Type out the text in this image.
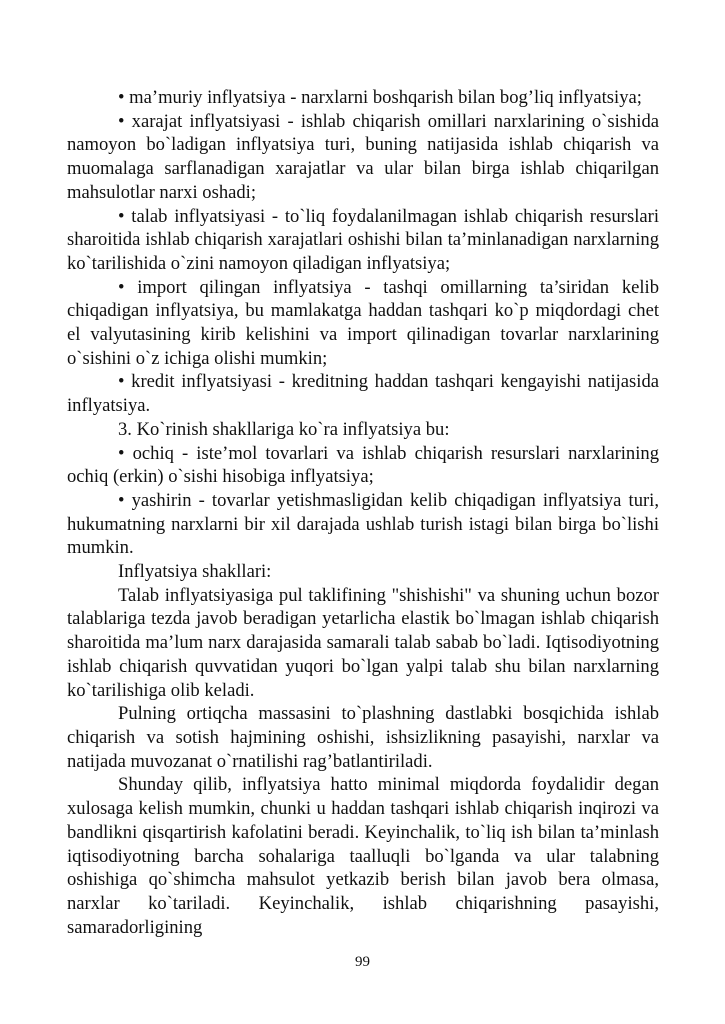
• ma’muriy inflyatsiya - narxlarni boshqarish bilan bog’liq inflyatsiya;

• xarajat inflyatsiyasi - ishlab chiqarish omillari narxlarining o`sishida namoyon bo`ladigan inflyatsiya turi, buning natijasida ishlab chiqarish va muomalaga sarflanadigan xarajatlar va ular bilan birga ishlab chiqarilgan mahsulotlar narxi oshadi;

• talab inflyatsiyasi - to`liq foydalanilmagan ishlab chiqarish resurslari sharoitida ishlab chiqarish xarajatlari oshishi bilan ta’minlanadigan narxlarning ko`tarilishida o`zini namoyon qiladigan inflyatsiya;

• import qilingan inflyatsiya - tashqi omillarning ta’siridan kelib chiqadigan inflyatsiya, bu mamlakatga haddan tashqari ko`p miqdordagi chet el valyutasining kirib kelishini va import qilinadigan tovarlar narxlarining o`sishini o`z ichiga olishi mumkin;

• kredit inflyatsiyasi - kreditning haddan tashqari kengayishi natijasida inflyatsiya.

3. Ko`rinish shakllariga ko`ra inflyatsiya bu:

• ochiq - iste’mol tovarlari va ishlab chiqarish resurslari narxlarining ochiq (erkin) o`sishi hisobiga inflyatsiya;

• yashirin - tovarlar yetishmasligidan kelib chiqadigan inflyatsiya turi, hukumatning narxlarni bir xil darajada ushlab turish istagi bilan birga bo`lishi mumkin.

Inflyatsiya shakllari:

Talab inflyatsiyasiga pul taklifining "shishishi" va shuning uchun bozor talablariga tezda javob beradigan yetarlicha elastik bo`lmagan ishlab chiqarish sharoitida ma’lum narx darajasida samarali talab sabab bo`ladi. Iqtisodiyotning ishlab chiqarish quvvatidan yuqori bo`lgan yalpi talab shu bilan narxlarning ko`tarilishiga olib keladi.

Pulning ortiqcha massasini to`plashning dastlabki bosqichida ishlab chiqarish va sotish hajmining oshishi, ishsizlikning pasayishi, narxlar va natijada muvozanat o`rnatilishi rag’batlantiriladi.

Shunday qilib, inflyatsiya hatto minimal miqdorda foydalidir degan xulosaga kelish mumkin, chunki u haddan tashqari ishlab chiqarish inqirozi va bandlikni qisqartirish kafolatini beradi. Keyinchalik, to`liq ish bilan ta’minlash iqtisodiyotning barcha sohalariga taalluqli bo`lganda va ular talabning oshishiga qo`shimcha mahsulot yetkazib berish bilan javob bera olmasa, narxlar ko`tariladi. Keyinchalik, ishlab chiqarishning pasayishi, samaradorligining

99
